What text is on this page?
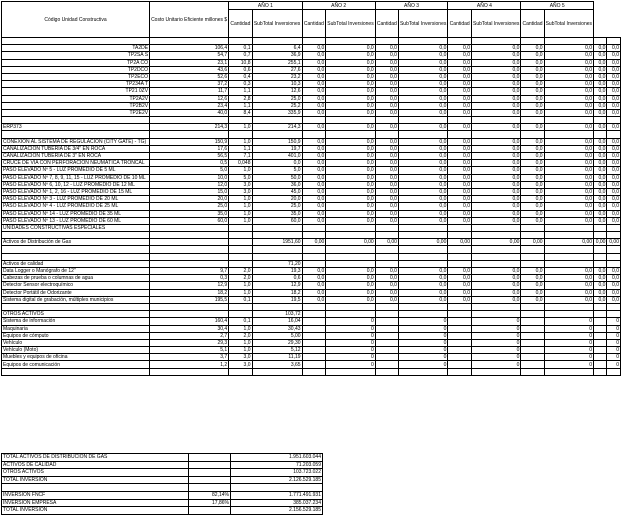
Código Unidad Constructiva	Costo Unitario Eficiente millones $	AÑO 1		AÑO 2		AÑO 3		AÑO 4		AÑO 5			
		Cantidad	SubTotal Inversiones	Cantidad	SubTotal Inversiones	Cantidad	SubTotal Inversiones	Cantidad	SubTotal Inversiones	Cantidad	SubTotal Inversiones		

TA2DE	106,4	0,1	6,4	0,0	0,0	0,0	0,0	0,0	0,0	0,0	0,0	0,0	0,0
TP2SA S	54,7	0,7	36,9	0,0	0,0	0,0	0,0	0,0	0,0	0,0	0,0	0,0	0,0
TP2A CO	23,1	10,8	255,1	0,0	0,0	0,0	0,0	0,0	0,0	0,0	0,0	0,0	0,0
TP2DCO	43,6	0,6	27,6	0,0	0,0	0,0	0,0	0,0	0,0	0,0	0,0	0,0	0,0
TP2ECO	52,6	0,4	23,2	0,0	0,0	0,0	0,0	0,0	0,0	0,0	0,0	0,0	0,0
TP234A T	37,2	0,3	10,3	0,0	0,0	0,0	0,0	0,0	0,0	0,0	0,0	0,0	0,0
TP21 0ZV	11,7	1,1	12,6	0,0	0,0	0,0	0,0	0,0	0,0	0,0	0,0	0,0	0,0
TP2A2V	12,6	2,8	25,0	0,0	0,0	0,0	0,0	0,0	0,0	0,0	0,0	0,0	0,0
TP2B2V	23,4	1,1	25,2	0,0	0,0	0,0	0,0	0,0	0,0	0,0	0,0	0,0	0,0
TP2E2V	40,0	8,4	335,9	0,0	0,0	0,0	0,0	0,0	0,0	0,0	0,0	0,0	0,0

ERP373	214,3	1,0	214,3	0,0	0,0	0,0	0,0	0,0	0,0	0,0	0,0	0,0	0,0

CONEXIÓN AL SISTEMA DE REGULACIÓN (CITY GATE) - TG)	150,9	1,0	150,9	0,0	0,0	0,0	0,0	0,0	0,0	0,0	0,0	0,0	0,0
CANALIZACIÓN TUBERÍA DE 3/4" EN ROCA	17,6	1,1	19,7	0,0	0,0	0,0	0,0	0,0	0,0	0,0	0,0	0,0	0,0
CANALIZACIÓN TUBERÍA DE 3" EN ROCA	56,5	7,1	401,0	0,0	0,0	0,0	0,0	0,0	0,0	0,0	0,0	0,0	0,0
CRUCE DE VIA CON PERFORACIÓN NEUMÁTICA TRONCAL	0,5	0,048	0,0	0,0	0,0	0,0	0,0	0,0	0,0	0,0	0,0	0,0	0,0
PASO ELEVADO Nº 5 - LUZ PROMEDIO DE 5 ML	5,0	1,0	5,0	0,0	0,0	0,0	0,0	0,0	0,0	0,0	0,0	0,0	0,0
PASO ELEVADO Nº 7, 8, 9, 11, 15 - LUZ PROMEDIO DE 10 ML	10,0	5,0	50,0	0,0	0,0	0,0	0,0	0,0	0,0	0,0	0,0	0,0	0,0
PASO ELEVADO Nº 6, 10, 12 - LUZ PROMEDIO DE 12 ML	12,0	3,0	36,0	0,0	0,0	0,0	0,0	0,0	0,0	0,0	0,0	0,0	0,0
PASO ELEVADO Nº 1, 2, 16 - LUZ PROMEDIO DE 15 ML	15,0	3,0	45,0	0,0	0,0	0,0	0,0	0,0	0,0	0,0	0,0	0,0	0,0
PASO ELEVADO Nº 3 - LUZ PROMEDIO DE 20 ML	20,0	1,0	20,0	0,0	0,0	0,0	0,0	0,0	0,0	0,0	0,0	0,0	0,0
PASO ELEVADO Nº 4 - LUZ PROMEDIO DE 25 ML	25,0	1,0	25,0	0,0	0,0	0,0	0,0	0,0	0,0	0,0	0,0	0,0	0,0
PASO ELEVADO Nº 14 - LUZ PROMEDIO DE 35 ML	35,0	1,0	35,0	0,0	0,0	0,0	0,0	0,0	0,0	0,0	0,0	0,0	0,0
PASO ELEVADO Nº 13 - LUZ PROMEDIO DE 60 ML	60,0	1,0	60,0	0,0	0,0	0,0	0,0	0,0	0,0	0,0	0,0	0,0	0,0
UNIDADES CONSTRUCTIVAS ESPECIALES													

Activos de Distribución de Gas			1951,60	0,00	0,00	0,00	0,00	0,00	0,00	0,00	0,00	0,00	0,00

Activos de calidad			71,20										
Data Logger o Manógrafo de 12"	9,7	2,0	19,3	0,0	0,0	0,0	0,0	0,0	0,0	0,0	0,0	0,0	0,0
Cabezas de prueba o columnas de agua	0,3	2,0	0,6	0,0	0,0	0,0	0,0	0,0	0,0	0,0	0,0	0,0	0,0
Detector Sensor electroquímico	12,9	1,0	12,9	0,0	0,0	0,0	0,0	0,0	0,0	0,0	0,0	0,0	0,0
Detector Portátil de Odorizante	18,2	1,0	18,2	0,0	0,0	0,0	0,0	0,0	0,0	0,0	0,0	0,0	0,0
Sistema digital de grabación, múltiples municipios	195,5	0,1	19,5	0,0	0,0	0,0	0,0	0,0	0,0	0,0	0,0	0,0	0,0

OTROS ACTIVOS			103,72										
Sistema de información	160,4	0,1	16,04		0		0		0		0		0
Maquinaria	30,4	1,0	30,43		0		0		0		0		0
Equipos de cómputo	2,7	2,0	5,00		0		0		0		0		0
Vehículo	29,3	1,0	29,30		0		0		0		0		0
Vehículo (Moto)	5,1	1,0	5,12		0		0		0		0		0
Muebles y equipos de oficina	3,7	3,0	11,19		0		0		0		0		0
Equipos de comunicación	1,2	3,0	3,65		0		0		0		0		0

TOTAL ACTIVOS DE DISTRIBUCIÓN DE GAS		1.951.603.044
ACTIVOS DE CALIDAD		71.203.059
OTROS ACTIVOS		103.723.022
TOTAL INVERSIÓN		2.126.529.185

INVERSIÓN FNCF	82,14%	1.771.491.931
INVERSIÓN EMPRESA	17,86%	385.037.234
TOTAL INVERSIÓN		2.156.529.185
